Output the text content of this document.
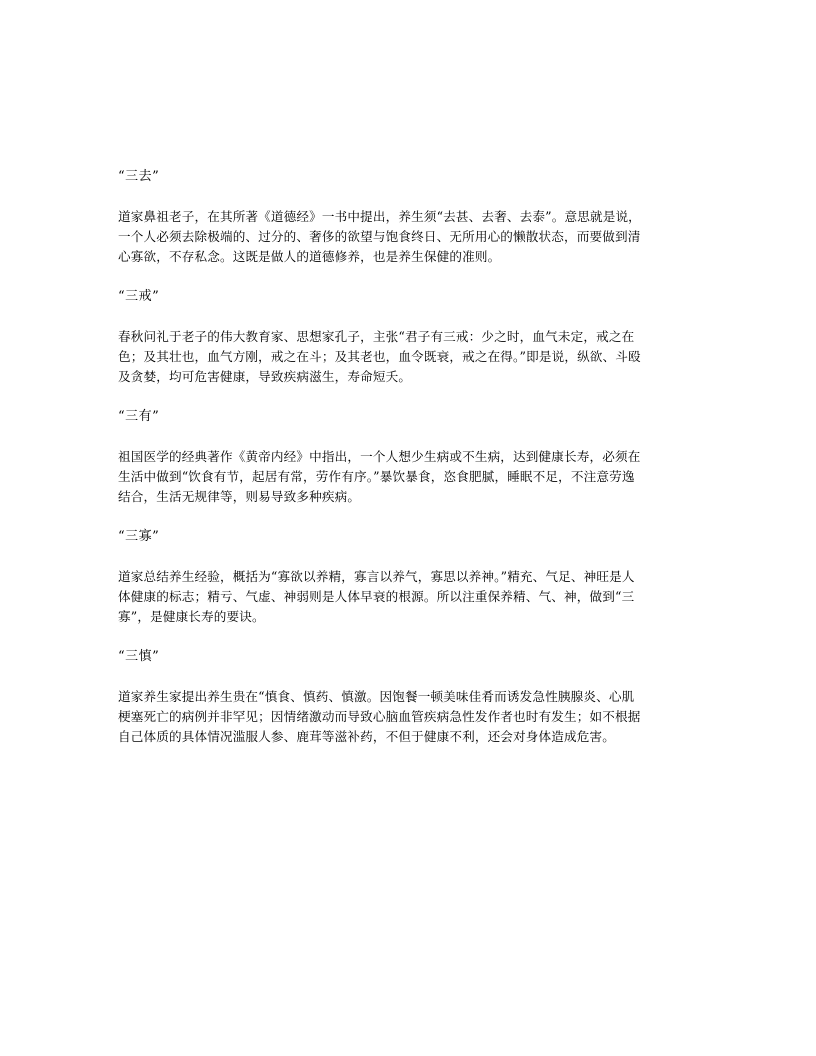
“三去”
道家鼻祖老子，在其所著《道德经》一书中提出，养生须“去甚、去奢、去泰”。意思就是说，
一个人必须去除极端的、过分的、奢侈的欲望与饱食终日、无所用心的懒散状态，而要做到清
心寡欲，不存私念。这既是做人的道德修养，也是养生保健的准则。
“三戒”
春秋问礼于老子的伟大教育家、思想家孔子，主张“君子有三戒：少之时，血气未定，戒之在
色；及其壮也，血气方刚，戒之在斗；及其老也，血令既衰，戒之在得。”即是说，纵欲、斗殴
及贪婪，均可危害健康，导致疾病滋生，寿命短夭。
“三有”
祖国医学的经典著作《黄帝内经》中指出，一个人想少生病或不生病，达到健康长寿，必须在
生活中做到“饮食有节，起居有常，劳作有序。”暴饮暴食，恣食肥腻，睡眠不足，不注意劳逸
结合，生活无规律等，则易导致多种疾病。
“三寡”
道家总结养生经验，概括为“寡欲以养精，寡言以养气，寡思以养神。”精充、气足、神旺是人
体健康的标志；精亏、气虚、神弱则是人体早衰的根源。所以注重保养精、气、神，做到“三
寡”，是健康长寿的要诀。
“三慎”
道家养生家提出养生贵在“慎食、慎药、慎激。因饱餐一顿美味佳肴而诱发急性胰腺炎、心肌
梗塞死亡的病例并非罕见；因情绪激动而导致心脑血管疾病急性发作者也时有发生；如不根据
自己体质的具体情况滥服人参、鹿茸等滋补药，不但于健康不利，还会对身体造成危害。
